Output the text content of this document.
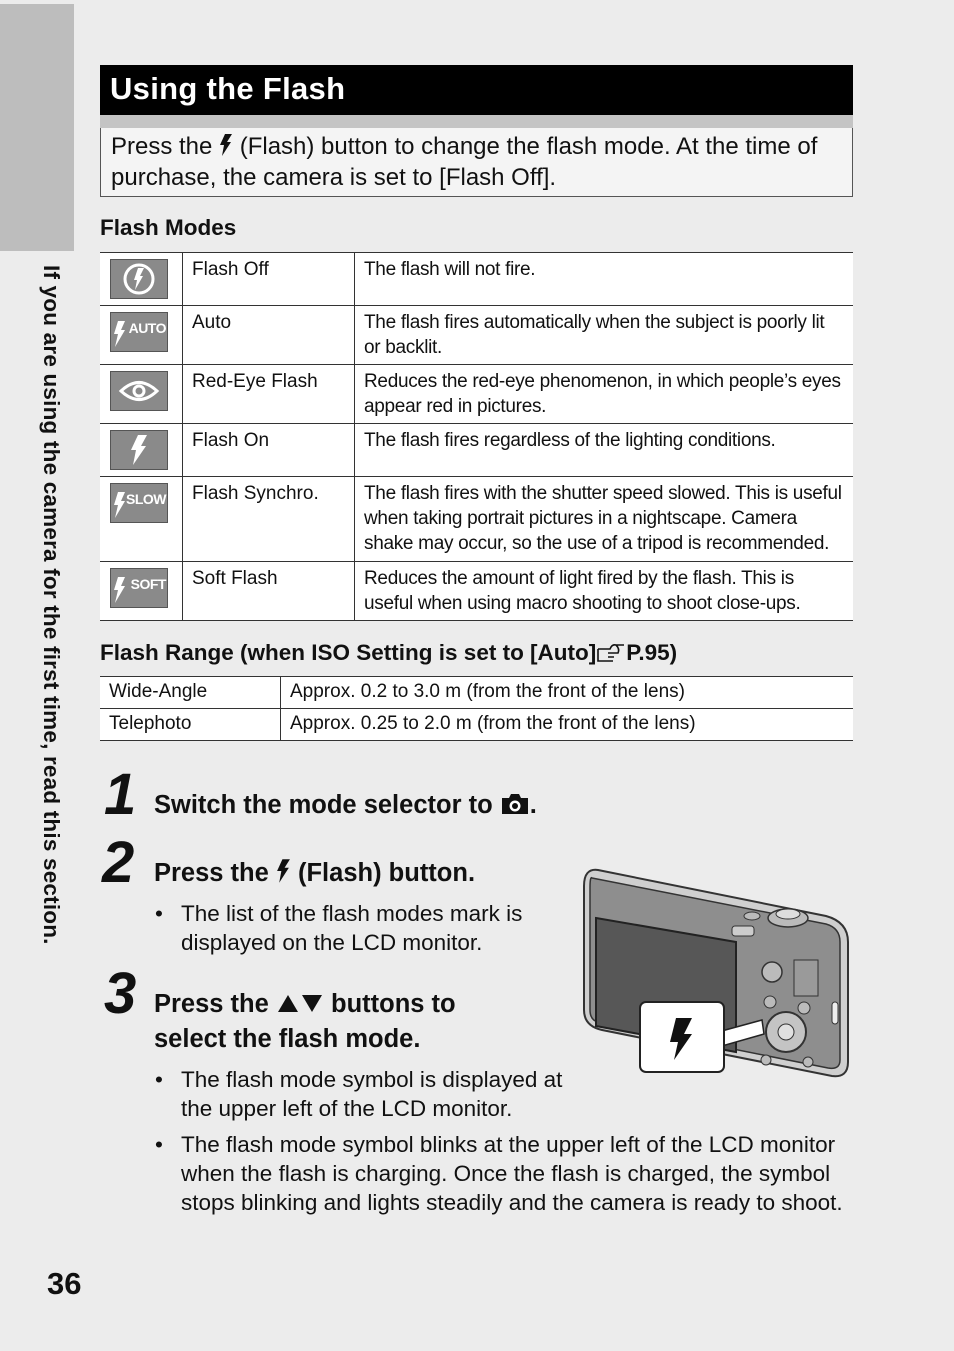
If you are using the camera for the first time, read this section.
36
Using the Flash
Press the  (Flash) button to change the flash mode. At the time of purchase, the camera is set to [Flash Off].
Flash Modes
	Flash Off	The flash will not fire.

AUTO	Auto	The flash fires automatically when the subject is poorly lit or backlit.

	Red-Eye Flash	Reduces the red-eye phenomenon, in which people’s eyes appear red in pictures.

	Flash On	The flash fires regardless of the lighting conditions.

SLOW	Flash Synchro.	The flash fires with the shutter speed slowed. This is useful when taking portrait pictures in a nightscape. Camera shake may occur, so the use of a tripod is recommended.

SOFT	Soft Flash	Reduces the amount of light fired by the flash. This is useful when using macro shooting to shoot close-ups.
Flash Range (when ISO Setting is set to [Auto] P.95)
Wide-Angle	Approx. 0.2 to 3.0 m (from the front of the lens)
Telephoto	Approx. 0.25 to 2.0 m (from the front of the lens)
1 Switch the mode selector to .
2 Press the  (Flash) button.
• The list of the flash modes mark is displayed on the LCD monitor.
3 Press the  buttons to
select the flash mode.
• The flash mode symbol is displayed at the upper left of the LCD monitor.
• The flash mode symbol blinks at the upper left of the LCD monitor when the flash is charging. Once the flash is charged, the symbol stops blinking and lights steadily and the camera is ready to shoot.
